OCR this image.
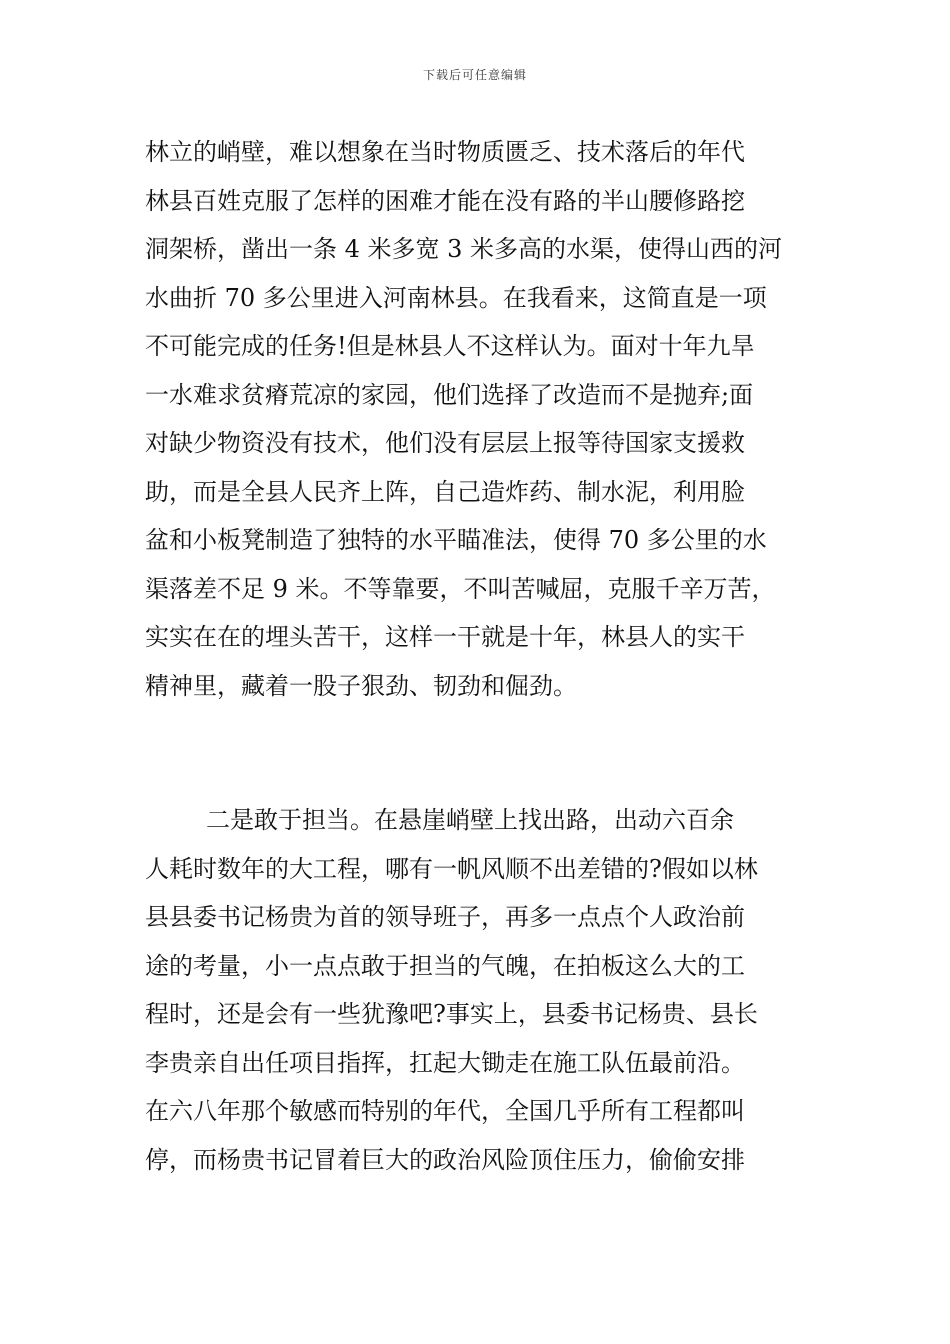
下载后可任意编辑
林立的峭壁，难以想象在当时物质匮乏、技术落后的年代
林县百姓克服了怎样的困难才能在没有路的半山腰修路挖
洞架桥，凿出一条 4 米多宽 3 米多高的水渠，使得山西的河
水曲折 70 多公里进入河南林县。在我看来，这简直是一项
不可能完成的任务!但是林县人不这样认为。面对十年九旱
一水难求贫瘠荒凉的家园，他们选择了改造而不是抛弃;面
对缺少物资没有技术，他们没有层层上报等待国家支援救
助，而是全县人民齐上阵，自己造炸药、制水泥，利用脸
盆和小板凳制造了独特的水平瞄准法，使得 70 多公里的水
渠落差不足 9 米。不等靠要，不叫苦喊屈，克服千辛万苦，
实实在在的埋头苦干，这样一干就是十年，林县人的实干
精神里，藏着一股子狠劲、韧劲和倔劲。
二是敢于担当。在悬崖峭壁上找出路，出动六百余
人耗时数年的大工程，哪有一帆风顺不出差错的?假如以林
县县委书记杨贵为首的领导班子，再多一点点个人政治前
途的考量，小一点点敢于担当的气魄，在拍板这么大的工
程时，还是会有一些犹豫吧?事实上，县委书记杨贵、县长
李贵亲自出任项目指挥，扛起大锄走在施工队伍最前沿。
在六八年那个敏感而特别的年代，全国几乎所有工程都叫
停，而杨贵书记冒着巨大的政治风险顶住压力，偷偷安排
